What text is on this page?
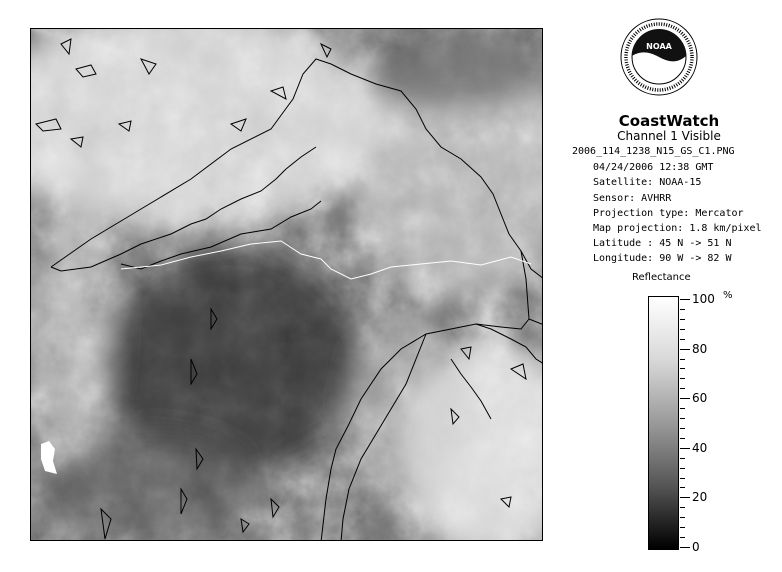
NOAA
CoastWatch
Channel 1 Visible
2006_114_1238_N15_GS_C1.PNG
04/24/2006 12:38 GMT
Satellite: NOAA-15
Sensor: AVHRR
Projection type: Mercator
Map projection: 1.8 km/pixel
Latitude : 45 N -> 51 N
Longitude: 90 W -> 82 W
Reflectance
%
100
80
60
40
20
0
